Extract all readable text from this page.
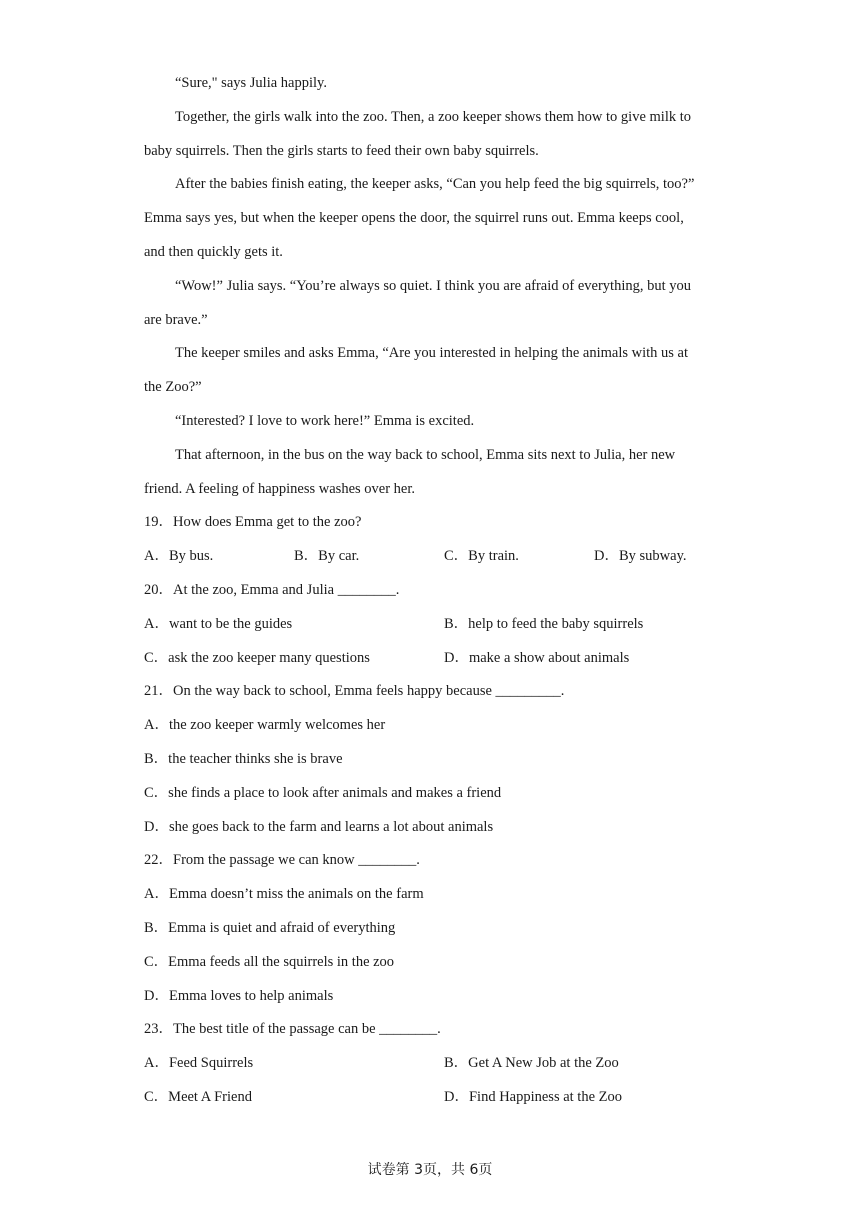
“Sure," says Julia happily.
Together, the girls walk into the zoo. Then, a zoo keeper shows them how to give milk to
baby squirrels. Then the girls starts to feed their own baby squirrels.
After the babies finish eating, the keeper asks, “Can you help feed the big squirrels, too?”
Emma says yes, but when the keeper opens the door, the squirrel runs out. Emma keeps cool,
and then quickly gets it.
“Wow!” Julia says. “You’re always so quiet. I think you are afraid of everything, but you
are brave.”
The keeper smiles and asks Emma, “Are you interested in helping the animals with us at
the Zoo?”
“Interested? I love to work here!” Emma is excited.
That afternoon, in the bus on the way back to school, Emma sits next to Julia, her new
friend. A feeling of happiness washes over her.
19．How does Emma get to the zoo?
A．By bus.	B．By car.	C．By train.	D．By subway.
20．At the zoo, Emma and Julia ________.
A．want to be the guides	B．help to feed the baby squirrels
C．ask the zoo keeper many questions	D．make a show about animals
21．On the way back to school, Emma feels happy because _________.
A．the zoo keeper warmly welcomes her
B．the teacher thinks she is brave
C．she finds a place to look after animals and makes a friend
D．she goes back to the farm and learns a lot about animals
22．From the passage we can know ________.
A．Emma doesn’t miss the animals on the farm
B．Emma is quiet and afraid of everything
C．Emma feeds all the squirrels in the zoo
D．Emma loves to help animals
23．The best title of the passage can be ________.
A．Feed Squirrels	B．Get A New Job at the Zoo
C．Meet A Friend	D．Find Happiness at the Zoo
试卷第 3页，共 6页
